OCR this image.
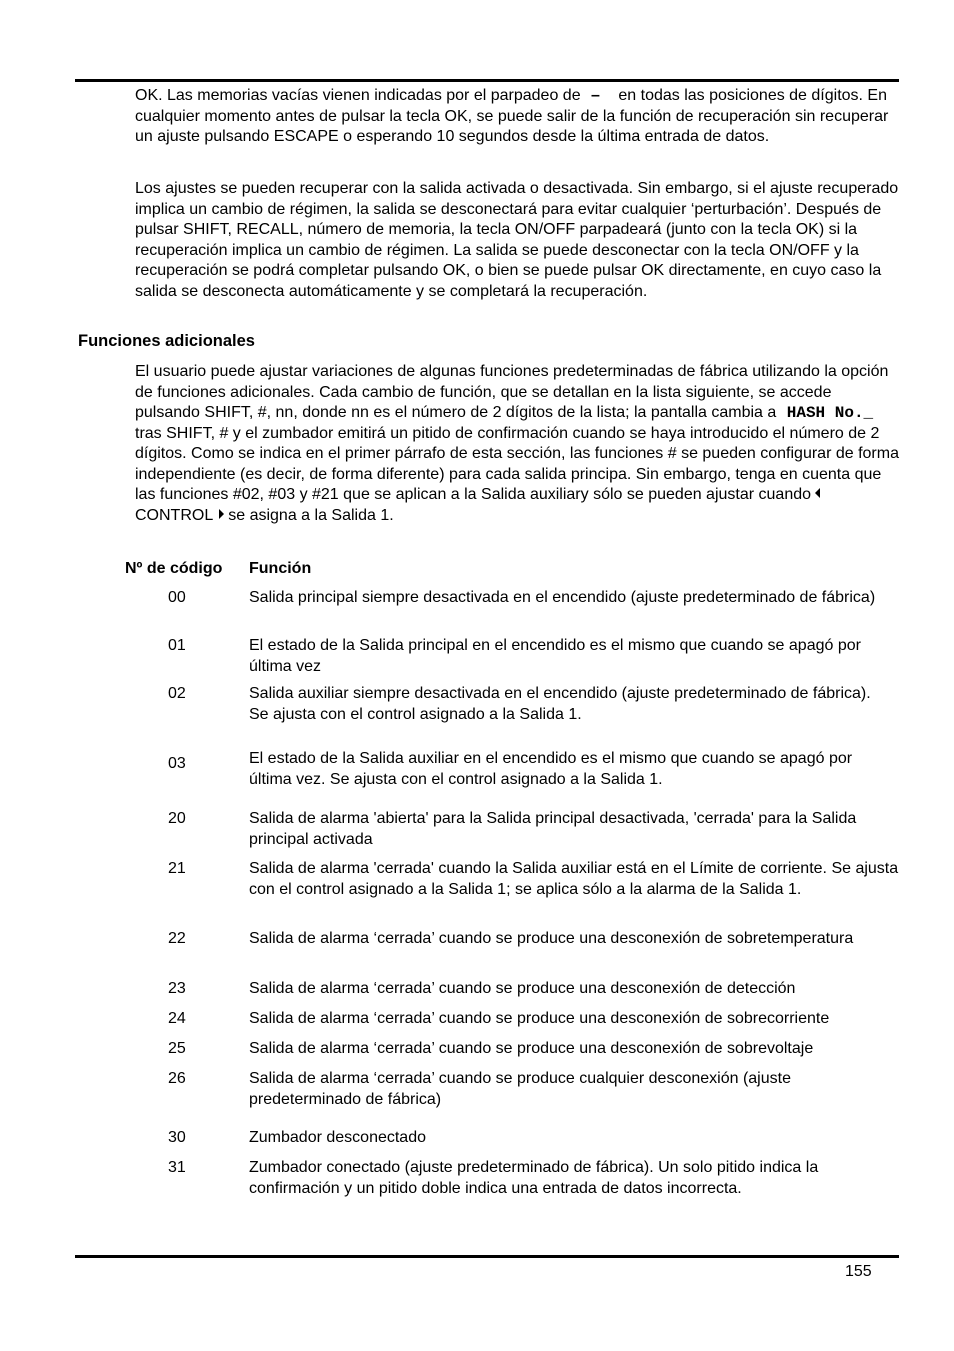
OK. Las memorias vacías vienen indicadas por el parpadeo de – en todas las posiciones de dígitos. En cualquier momento antes de pulsar la tecla OK, se puede salir de la función de recuperación sin recuperar un ajuste pulsando ESCAPE o esperando 10 segundos desde la última entrada de datos.

Los ajustes se pueden recuperar con la salida activada o desactivada. Sin embargo, si el ajuste recuperado implica un cambio de régimen, la salida se desconectará para evitar cualquier ‘perturbación’. Después de pulsar SHIFT, RECALL, número de memoria, la tecla ON/OFF parpadeará (junto con la tecla OK) si la recuperación implica un cambio de régimen. La salida se puede desconectar con la tecla ON/OFF y la recuperación se podrá completar pulsando OK, o bien se puede pulsar OK directamente, en cuyo caso la salida se desconecta automáticamente y se completará la recuperación.

Funciones adicionales

El usuario puede ajustar variaciones de algunas funciones predeterminadas de fábrica utilizando la opción de funciones adicionales. Cada cambio de función, que se detallan en la lista siguiente, se accede pulsando SHIFT, #, nn, donde nn es el número de 2 dígitos de la lista; la pantalla cambia a HASH No._ tras SHIFT, # y el zumbador emitirá un pitido de confirmación cuando se haya introducido el número de 2 dígitos. Como se indica en el primer párrafo de esta sección, las funciones # se pueden configurar de forma independiente (es decir, de forma diferente) para cada salida principa. Sin embargo, tenga en cuenta que las funciones #02, #03 y #21 que se aplican a la Salida auxiliary sólo se pueden ajustar cuandoCONTROL se asigna a la Salida 1.

Nº de código Función
00	Salida principal siempre desactivada en el encendido (ajuste predeterminado de fábrica)
01	El estado de la Salida principal en el encendido es el mismo que cuando se apagó por última vez
02	Salida auxiliar siempre desactivada en el encendido (ajuste predeterminado de fábrica).
Se ajusta con el control asignado a la Salida 1.
03	El estado de la Salida auxiliar en el encendido es el mismo que cuando se apagó por última vez. Se ajusta con el control asignado a la Salida 1.
20	Salida de alarma 'abierta' para la Salida principal desactivada, 'cerrada' para la Salida principal activada
21	Salida de alarma 'cerrada' cuando la Salida auxiliar está en el Límite de corriente. Se ajusta con el control asignado a la Salida 1; se aplica sólo a la alarma de la Salida 1.
22	Salida de alarma ‘cerrada’ cuando se produce una desconexión de sobretemperatura
23	Salida de alarma ‘cerrada’ cuando se produce una desconexión de detección
24	Salida de alarma ‘cerrada’ cuando se produce una desconexión de sobrecorriente
25	Salida de alarma ‘cerrada’ cuando se produce una desconexión de sobrevoltaje
26	Salida de alarma ‘cerrada’ cuando se produce cualquier desconexión (ajuste predeterminado de fábrica)
30	Zumbador desconectado
31	Zumbador conectado (ajuste predeterminado de fábrica). Un solo pitido indica la confirmación y un pitido doble indica una entrada de datos incorrecta.
155
